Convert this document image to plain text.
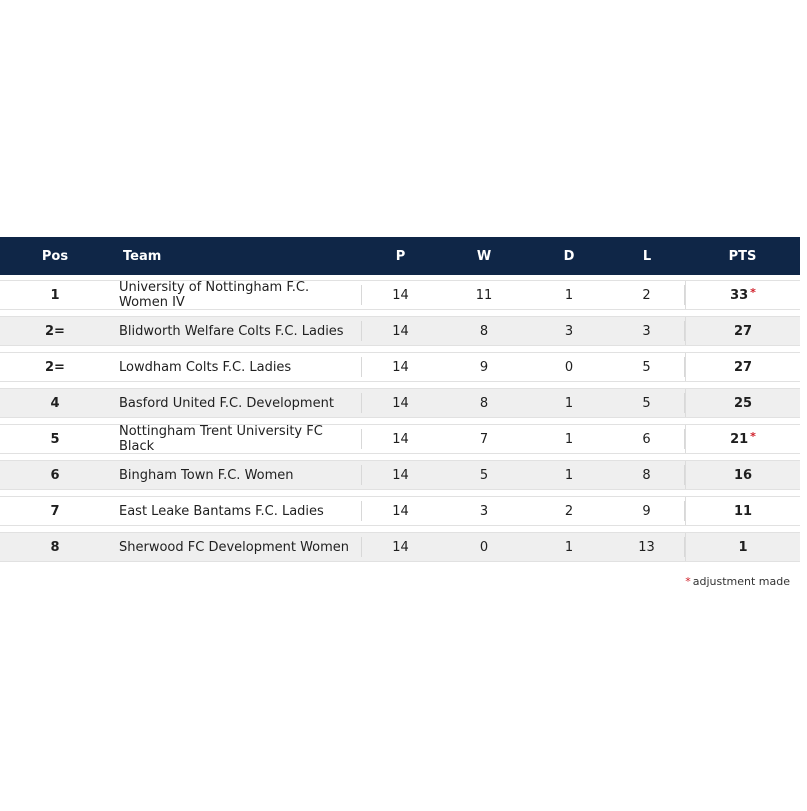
Pos	Team	P	W	D	L	PTS
1	University of Nottingham F.C. Women IV	14	11	1	2	33 *
2=	Blidworth Welfare Colts F.C. Ladies	14	8	3	3	27
2=	Lowdham Colts F.C. Ladies	14	9	0	5	27
4	Basford United F.C. Development	14	8	1	5	25
5	Nottingham Trent University FC Black	14	7	1	6	21 *
6	Bingham Town F.C. Women	14	5	1	8	16
7	East Leake Bantams F.C. Ladies	14	3	2	9	11
8	Sherwood FC Development Women	14	0	1	13	1
* adjustment made
